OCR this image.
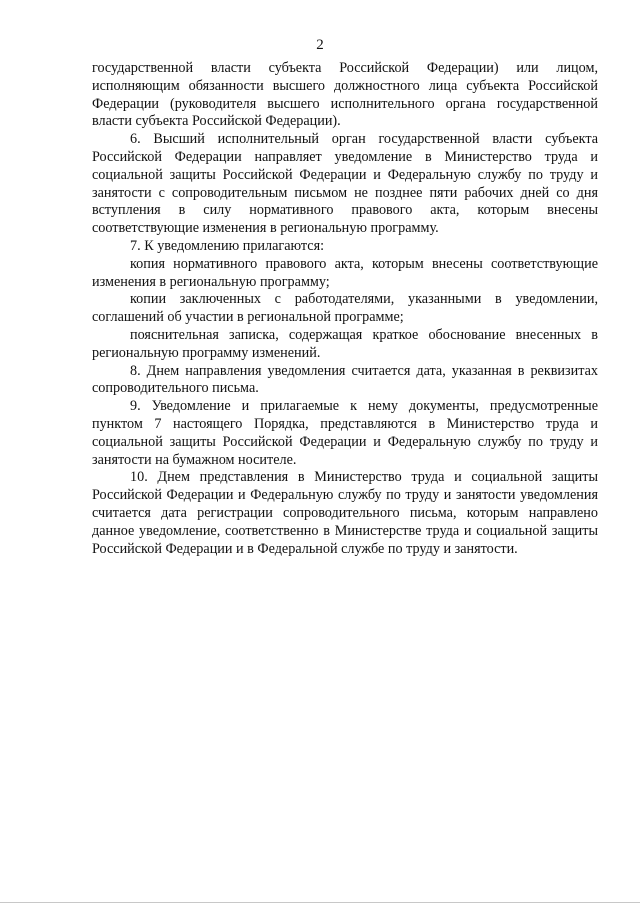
2

государственной власти субъекта Российской Федерации) или лицом, исполняющим обязанности высшего должностного лица субъекта Российской Федерации (руководителя высшего исполнительного органа государственной власти субъекта Российской Федерации).

6. Высший исполнительный орган государственной власти субъекта Российской Федерации направляет уведомление в Министерство труда и социальной защиты Российской Федерации и Федеральную службу по труду и занятости с сопроводительным письмом не позднее пяти рабочих дней со дня вступления в силу нормативного правового акта, которым внесены соответствующие изменения в региональную программу.

7. К уведомлению прилагаются:

копия нормативного правового акта, которым внесены соответствующие изменения в региональную программу;

копии заключенных с работодателями, указанными в уведомлении, соглашений об участии в региональной программе;

пояснительная записка, содержащая краткое обоснование внесенных в региональную программу изменений.

8. Днем направления уведомления считается дата, указанная в реквизитах сопроводительного письма.

9. Уведомление и прилагаемые к нему документы, предусмотренные пунктом 7 настоящего Порядка, представляются в Министерство труда и социальной защиты Российской Федерации и Федеральную службу по труду и занятости на бумажном носителе.

10. Днем представления в Министерство труда и социальной защиты Российской Федерации и Федеральную службу по труду и занятости уведомления считается дата регистрации сопроводительного письма, которым направлено данное уведомление, соответственно в Министерстве труда и социальной защиты Российской Федерации и в Федеральной службе по труду и занятости.
